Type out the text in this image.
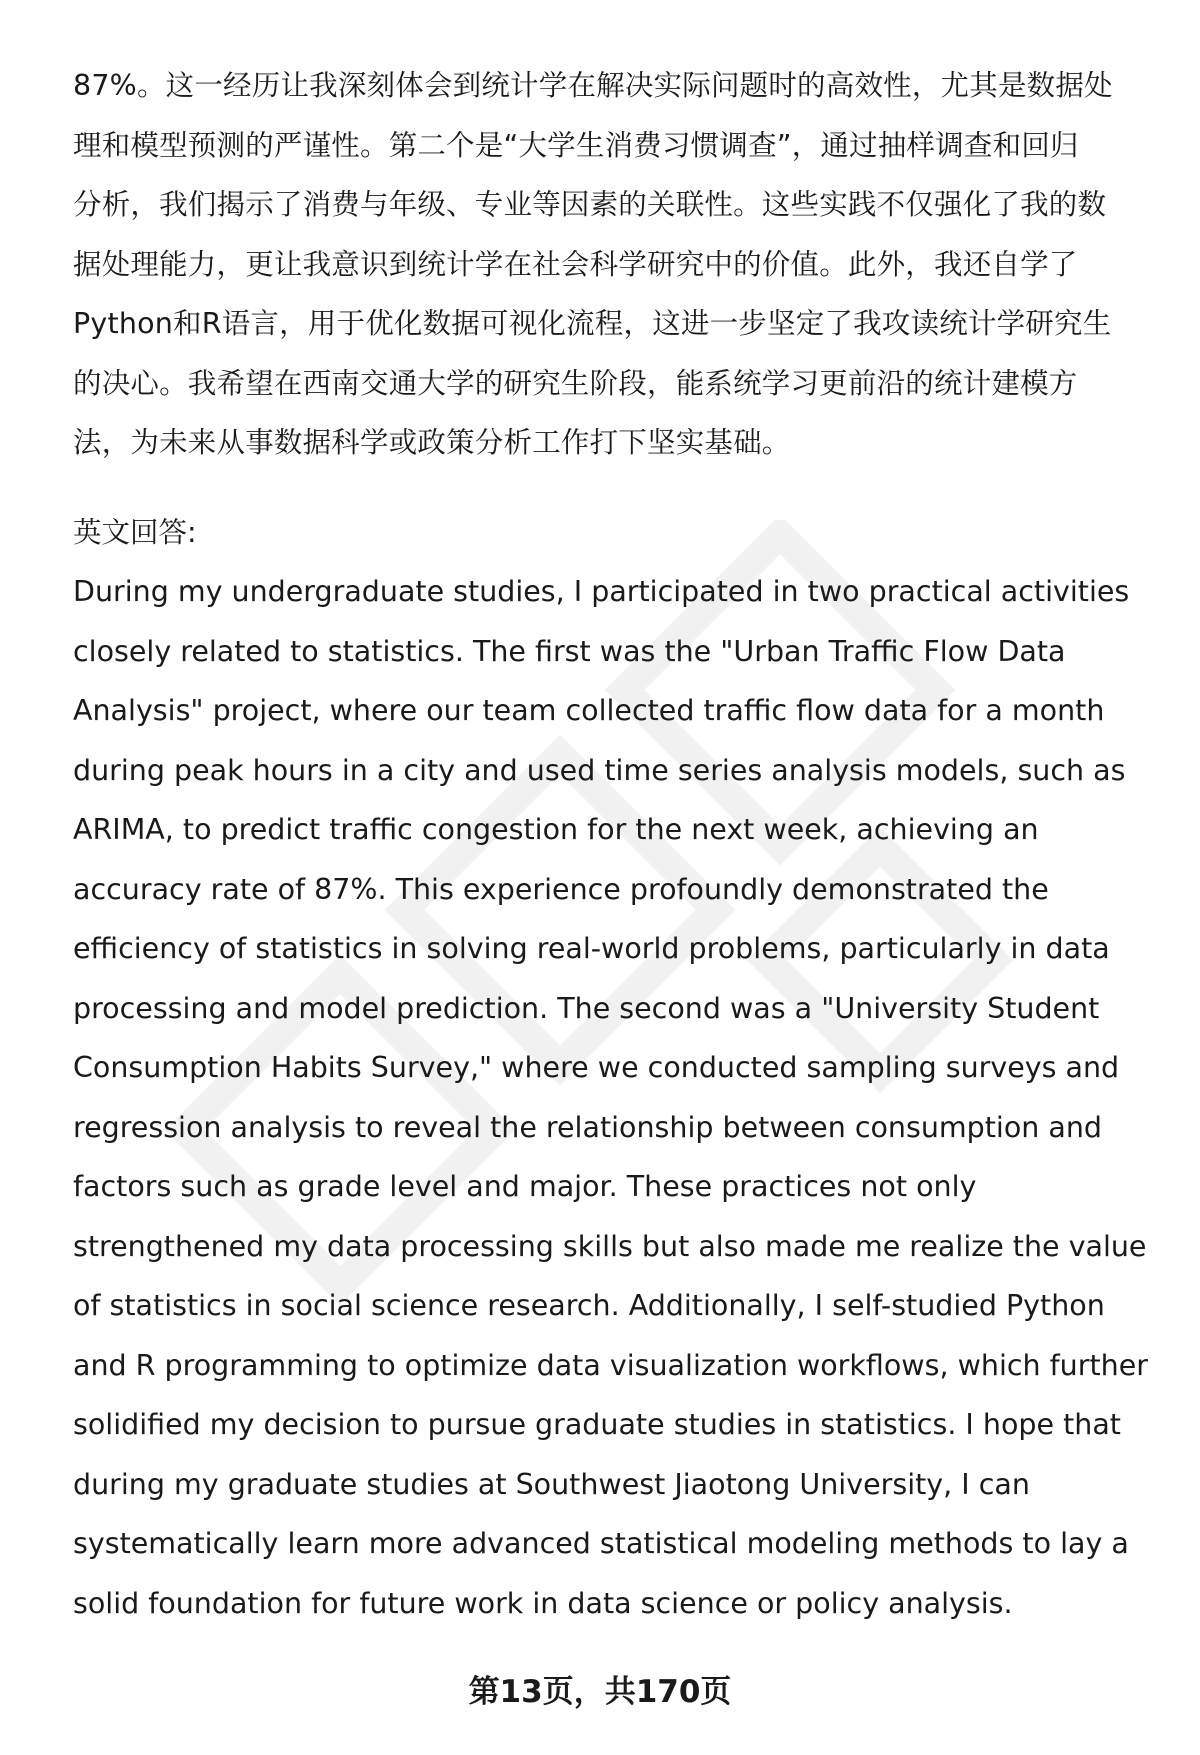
87%。这一经历让我深刻体会到统计学在解决实际问题时的高效性，尤其是数据处
理和模型预测的严谨性。第二个是“大学生消费习惯调查”，通过抽样调查和回归
分析，我们揭示了消费与年级、专业等因素的关联性。这些实践不仅强化了我的数
据处理能力，更让我意识到统计学在社会科学研究中的价值。此外，我还自学了
Python和R语言，用于优化数据可视化流程，这进一步坚定了我攻读统计学研究生
的决心。我希望在西南交通大学的研究生阶段，能系统学习更前沿的统计建模方
法，为未来从事数据科学或政策分析工作打下坚实基础。

英文回答:

During my undergraduate studies, I participated in two practical activities
closely related to statistics. The first was the "Urban Traffic Flow Data
Analysis" project, where our team collected traffic flow data for a month
during peak hours in a city and used time series analysis models, such as
ARIMA, to predict traffic congestion for the next week, achieving an
accuracy rate of 87%. This experience profoundly demonstrated the
efficiency of statistics in solving real-world problems, particularly in data
processing and model prediction. The second was a "University Student
Consumption Habits Survey," where we conducted sampling surveys and
regression analysis to reveal the relationship between consumption and
factors such as grade level and major. These practices not only
strengthened my data processing skills but also made me realize the value
of statistics in social science research. Additionally, I self-studied Python
and R programming to optimize data visualization workflows, which further
solidified my decision to pursue graduate studies in statistics. I hope that
during my graduate studies at Southwest Jiaotong University, I can
systematically learn more advanced statistical modeling methods to lay a
solid foundation for future work in data science or policy analysis.

第13页，共170页
